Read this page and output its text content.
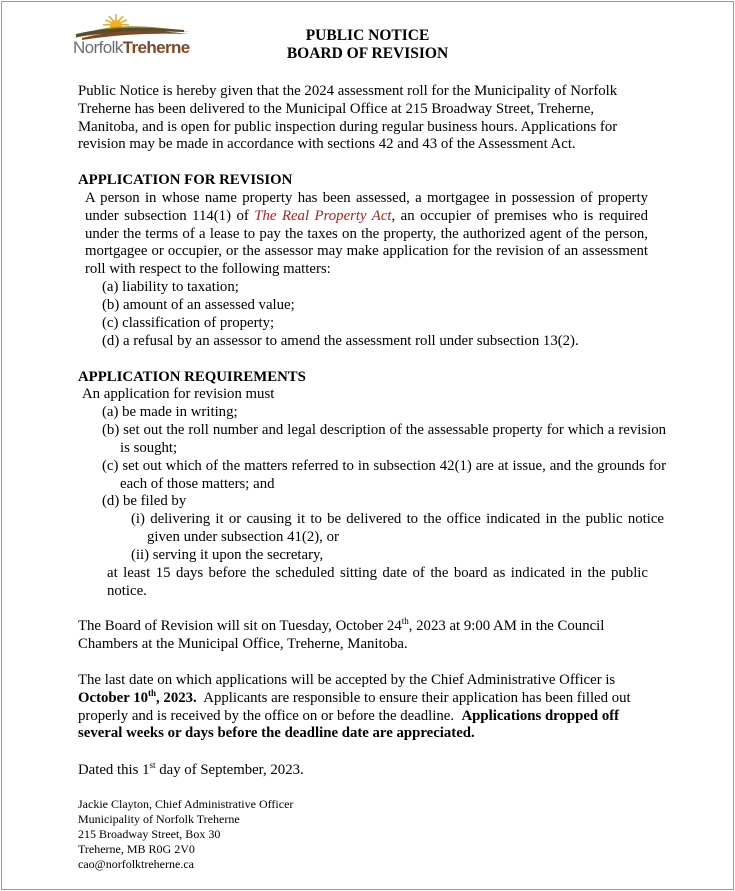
NorfolkTreherne
PUBLIC NOTICE
BOARD OF REVISION
Public Notice is hereby given that the 2024 assessment roll for the Municipality of Norfolk Treherne has been delivered to the Municipal Office at 215 Broadway Street, Treherne, Manitoba, and is open for public inspection during regular business hours. Applications for revision may be made in accordance with sections 42 and 43 of the Assessment Act.
APPLICATION FOR REVISION
A person in whose name property has been assessed, a mortgagee in possession of property under subsection 114(1) of The Real Property Act, an occupier of premises who is required under the terms of a lease to pay the taxes on the property, the authorized agent of the person, mortgagee or occupier, or the assessor may make application for the revision of an assessment roll with respect to the following matters:
(a) liability to taxation;
(b) amount of an assessed value;
(c) classification of property;
(d) a refusal by an assessor to amend the assessment roll under subsection 13(2).
APPLICATION REQUIREMENTS
An application for revision must
(a) be made in writing;
(b) set out the roll number and legal description of the assessable property for which a revision is sought;
(c) set out which of the matters referred to in subsection 42(1) are at issue, and the grounds for each of those matters; and
(d) be filed by
(i) delivering it or causing it to be delivered to the office indicated in the public notice given under subsection 41(2), or
(ii) serving it upon the secretary,
at least 15 days before the scheduled sitting date of the board as indicated in the public notice.
The Board of Revision will sit on Tuesday, October 24th, 2023 at 9:00 AM in the Council Chambers at the Municipal Office, Treherne, Manitoba.
The last date on which applications will be accepted by the Chief Administrative Officer is October 10th, 2023.  Applicants are responsible to ensure their application has been filled out properly and is received by the office on or before the deadline.  Applications dropped off several weeks or days before the deadline date are appreciated.
Dated this 1st day of September, 2023.
Jackie Clayton, Chief Administrative Officer
Municipality of Norfolk Treherne
215 Broadway Street, Box 30
Treherne, MB R0G 2V0
cao@norfolktreherne.ca
